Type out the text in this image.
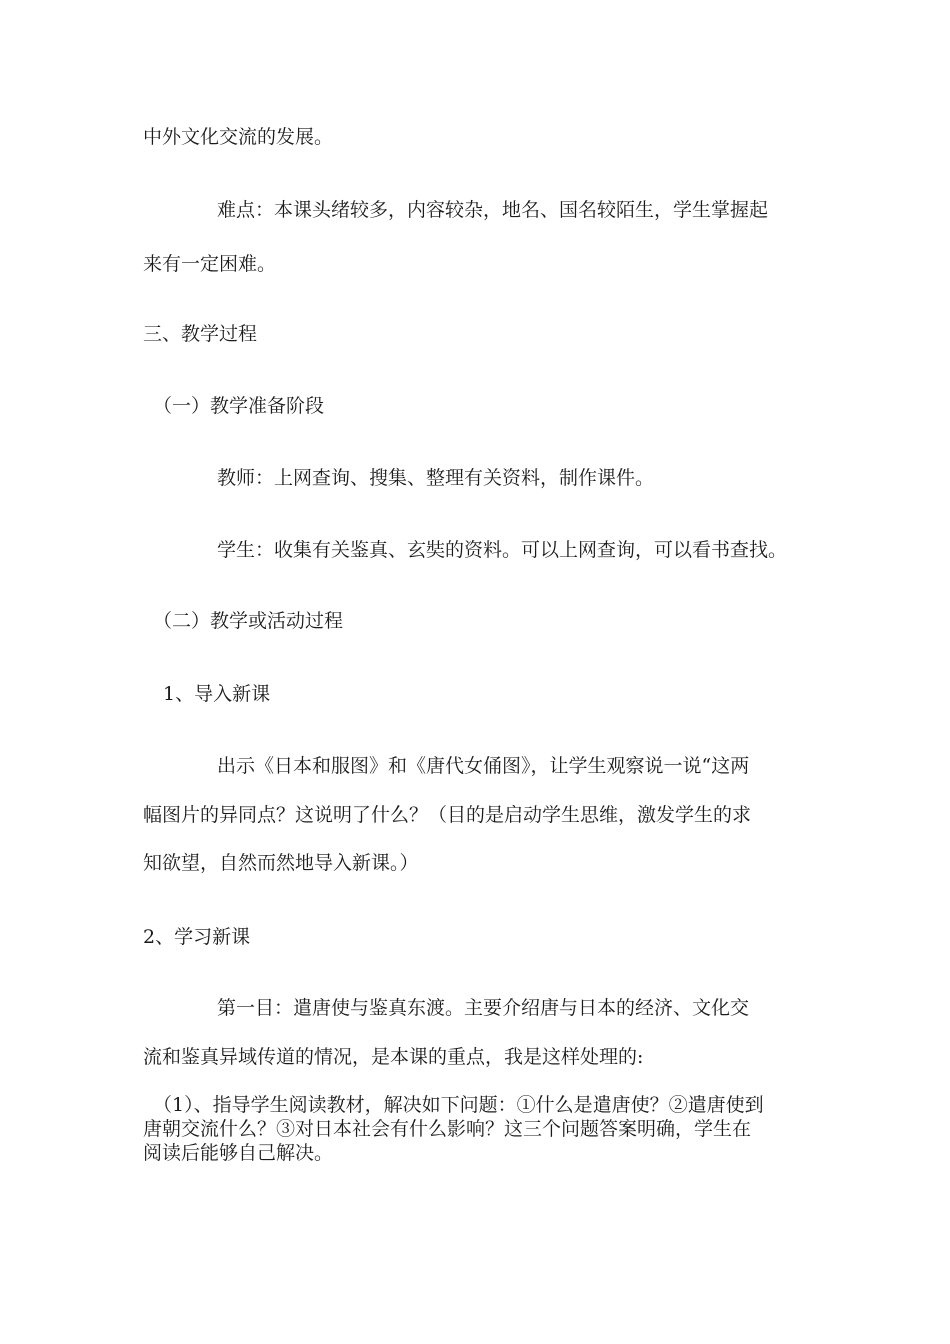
中外文化交流的发展。

难点：本课头绪较多，内容较杂，地名、国名较陌生，学生掌握起

来有一定困难。

三、教学过程

（一）教学准备阶段

教师：上网查询、搜集、整理有关资料，制作课件。

学生：收集有关鉴真、玄奘的资料。可以上网查询，可以看书查找。

（二）教学或活动过程

1、导入新课

出示《日本和服图》和《唐代女俑图》，让学生观察说一说“这两

幅图片的异同点？这说明了什么？（目的是启动学生思维，激发学生的求

知欲望，自然而然地导入新课。）

2、学习新课

第一目：遣唐使与鉴真东渡。主要介绍唐与日本的经济、文化交

流和鉴真异域传道的情况，是本课的重点，我是这样处理的:

（1）、指导学生阅读教材，解决如下问题：①什么是遣唐使？②遣唐使到
唐朝交流什么？③对日本社会有什么影响？这三个问题答案明确，学生在
阅读后能够自己解决。
